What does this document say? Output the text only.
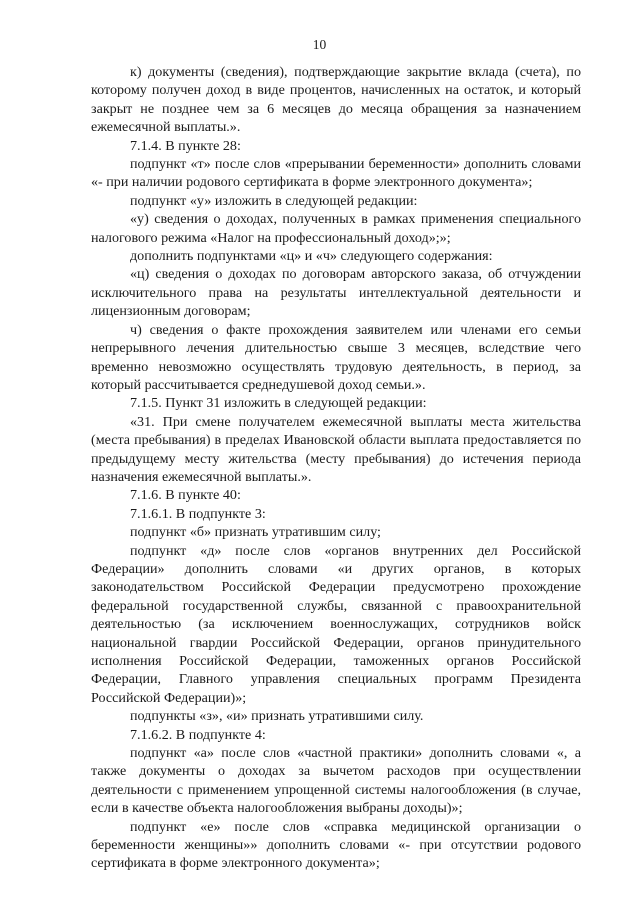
10

к) документы (сведения), подтверждающие закрытие вклада (счета), по которому получен доход в виде процентов, начисленных на остаток, и который закрыт не позднее чем за 6 месяцев до месяца обращения за назначением ежемесячной выплаты.».

7.1.4. В пункте 28:

подпункт «т» после слов «прерывании беременности» дополнить словами «- при наличии родового сертификата в форме электронного документа»;

подпункт «у» изложить в следующей редакции:

«у) сведения о доходах, полученных в рамках применения специального налогового режима «Налог на профессиональный доход»;»;

дополнить подпунктами «ц» и «ч» следующего содержания:

«ц) сведения о доходах по договорам авторского заказа, об отчуждении исключительного права на результаты интеллектуальной деятельности и лицензионным договорам;

ч) сведения о факте прохождения заявителем или членами его семьи непрерывного лечения длительностью свыше 3 месяцев, вследствие чего временно невозможно осуществлять трудовую деятельность, в период, за который рассчитывается среднедушевой доход семьи.».

7.1.5. Пункт 31 изложить в следующей редакции:

«31. При смене получателем ежемесячной выплаты места жительства (места пребывания) в пределах Ивановской области выплата предоставляется по предыдущему месту жительства (месту пребывания) до истечения периода назначения ежемесячной выплаты.».

7.1.6. В пункте 40:

7.1.6.1. В подпункте 3:

подпункт «б» признать утратившим силу;

подпункт «д» после слов «органов внутренних дел Российской Федерации» дополнить словами «и других органов, в которых законодательством Российской Федерации предусмотрено прохождение федеральной государственной службы, связанной с правоохранительной деятельностью (за исключением военнослужащих, сотрудников войск национальной гвардии Российской Федерации, органов принудительного исполнения Российской Федерации, таможенных органов Российской Федерации, Главного управления специальных программ Президента Российской Федерации)»;

подпункты «з», «и» признать утратившими силу.

7.1.6.2. В подпункте 4:

подпункт «а» после слов «частной практики» дополнить словами «, а также документы о доходах за вычетом расходов при осуществлении деятельности с применением упрощенной системы налогообложения (в случае, если в качестве объекта налогообложения выбраны доходы)»;

подпункт «е» после слов «справка медицинской организации о беременности женщины»» дополнить словами «- при отсутствии родового сертификата в форме электронного документа»;
